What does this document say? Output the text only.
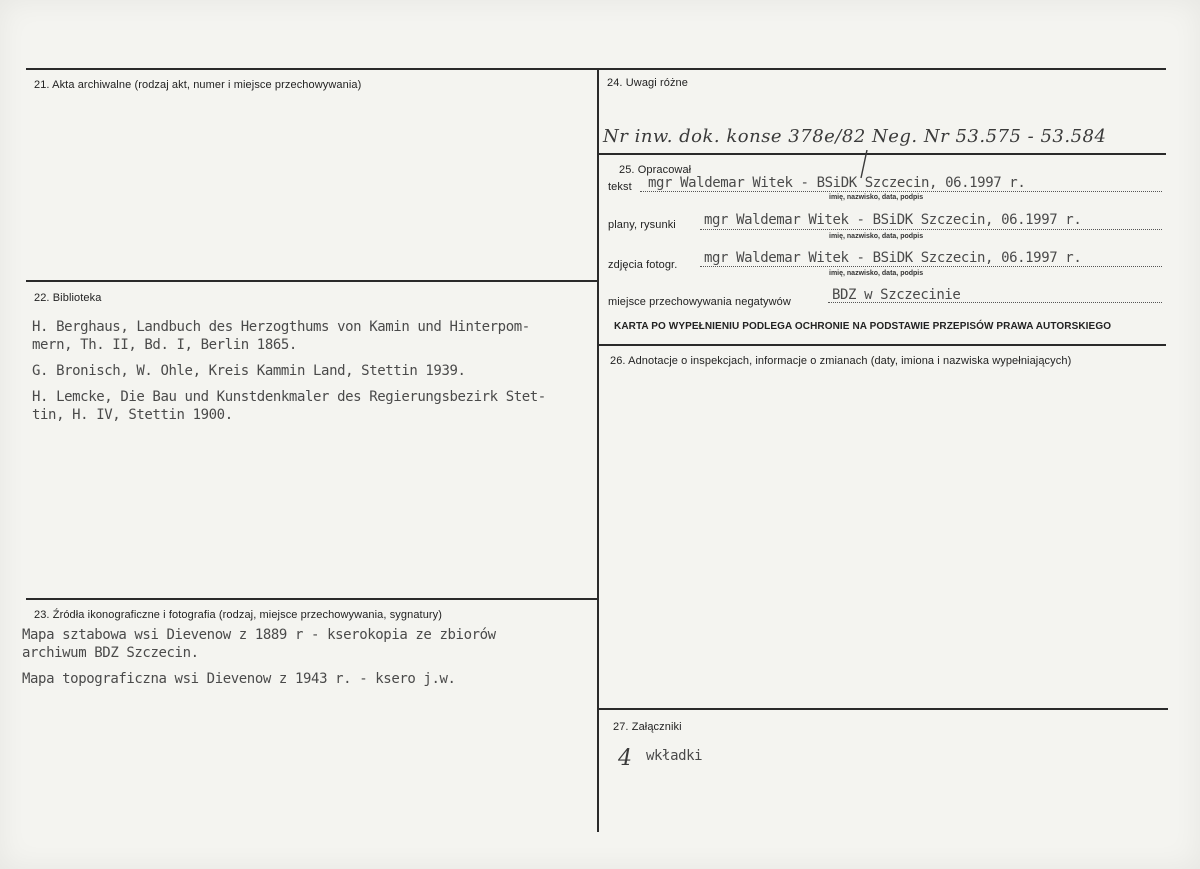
21. Akta archiwalne (rodzaj akt, numer i miejsce przechowywania)
22. Biblioteka
H. Berghaus, Landbuch des Herzogthums von Kamin und Hinterpom-
mern, Th. II, Bd. I, Berlin 1865.
G. Bronisch, W. Ohle, Kreis Kammin Land, Stettin 1939.
H. Lemcke, Die Bau und Kunstdenkmaler des Regierungsbezirk Stet-
tin, H. IV, Stettin 1900.
23. Źródła ikonograficzne i fotografia (rodzaj, miejsce przechowywania, sygnatury)
Mapa sztabowa wsi Dievenow z 1889 r - kserokopia ze zbiorów
archiwum BDZ Szczecin.
Mapa topograficzna wsi Dievenow z 1943 r. - ksero j.w.
24. Uwagi różne
Nr inw. dok. konse 378e/82 Neg. Nr 53.575 - 53.584
25. Opracował
tekst mgr Waldemar Witek - BSiDK Szczecin, 06.1997 r.
imię, nazwisko, data, podpis
plany, rysunki mgr Waldemar Witek - BSiDK Szczecin, 06.1997 r.
imię, nazwisko, data, podpis
zdjęcia fotogr. mgr Waldemar Witek - BSiDK Szczecin, 06.1997 r.
imię, nazwisko, data, podpis
miejsce przechowywania negatywów	BDZ w Szczecinie
KARTA PO WYPEŁNIENIU PODLEGA OCHRONIE NA PODSTAWIE PRZEPISÓW PRAWA AUTORSKIEGO
26. Adnotacje o inspekcjach, informacje o zmianach (daty, imiona i nazwiska wypełniających)
27. Załączniki
4 wkładki
